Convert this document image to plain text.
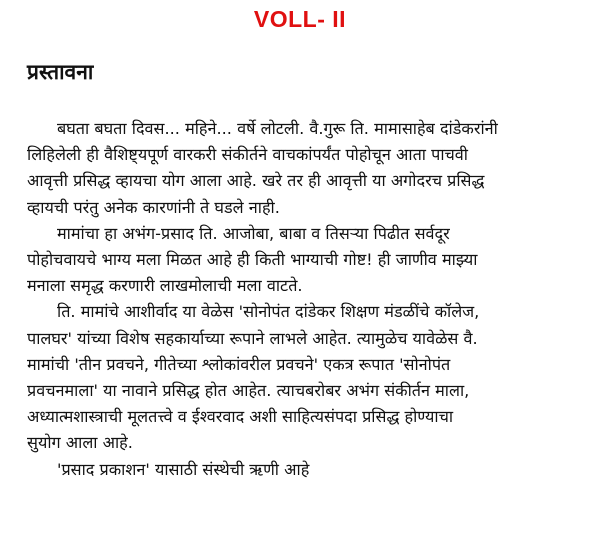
VOLL- II
प्रस्तावना
बघता बघता दिवस... महिने... वर्षे लोटली. वै.गुरू ति. मामासाहेब दांडेकरांनी
लिहिलेली ही वैशिष्ट्यपूर्ण वारकरी संकीर्तने वाचकांपर्यंत पोहोचून आता पाचवी
आवृत्ती प्रसिद्ध व्हायचा योग आला आहे. खरे तर ही आवृत्ती या अगोदरच प्रसिद्ध
व्हायची परंतु अनेक कारणांनी ते घडले नाही.
मामांचा हा अभंग-प्रसाद ति. आजोबा, बाबा व तिसऱ्या पिढीत सर्वदूर
पोहोचवायचे भाग्य मला मिळत आहे ही किती भाग्याची गोष्ट! ही जाणीव माझ्या
मनाला समृद्ध करणारी लाखमोलाची मला वाटते.
ति. मामांचे आशीर्वाद या वेळेस 'सोनोपंत दांडेकर शिक्षण मंडळींचे कॉलेज,
पालघर' यांच्या विशेष सहकार्याच्या रूपाने लाभले आहेत. त्यामुळेच यावेळेस वै.
मामांची 'तीन प्रवचने, गीतेच्या श्लोकांवरील प्रवचने' एकत्र रूपात 'सोनोपंत
प्रवचनमाला' या नावाने प्रसिद्ध होत आहेत. त्याचबरोबर अभंग संकीर्तन माला,
अध्यात्मशास्त्राची मूलतत्त्वे व ईश्वरवाद अशी साहित्यसंपदा प्रसिद्ध होण्याचा
सुयोग आला आहे.
'प्रसाद प्रकाशन' यासाठी संस्थेची ऋणी आहे
